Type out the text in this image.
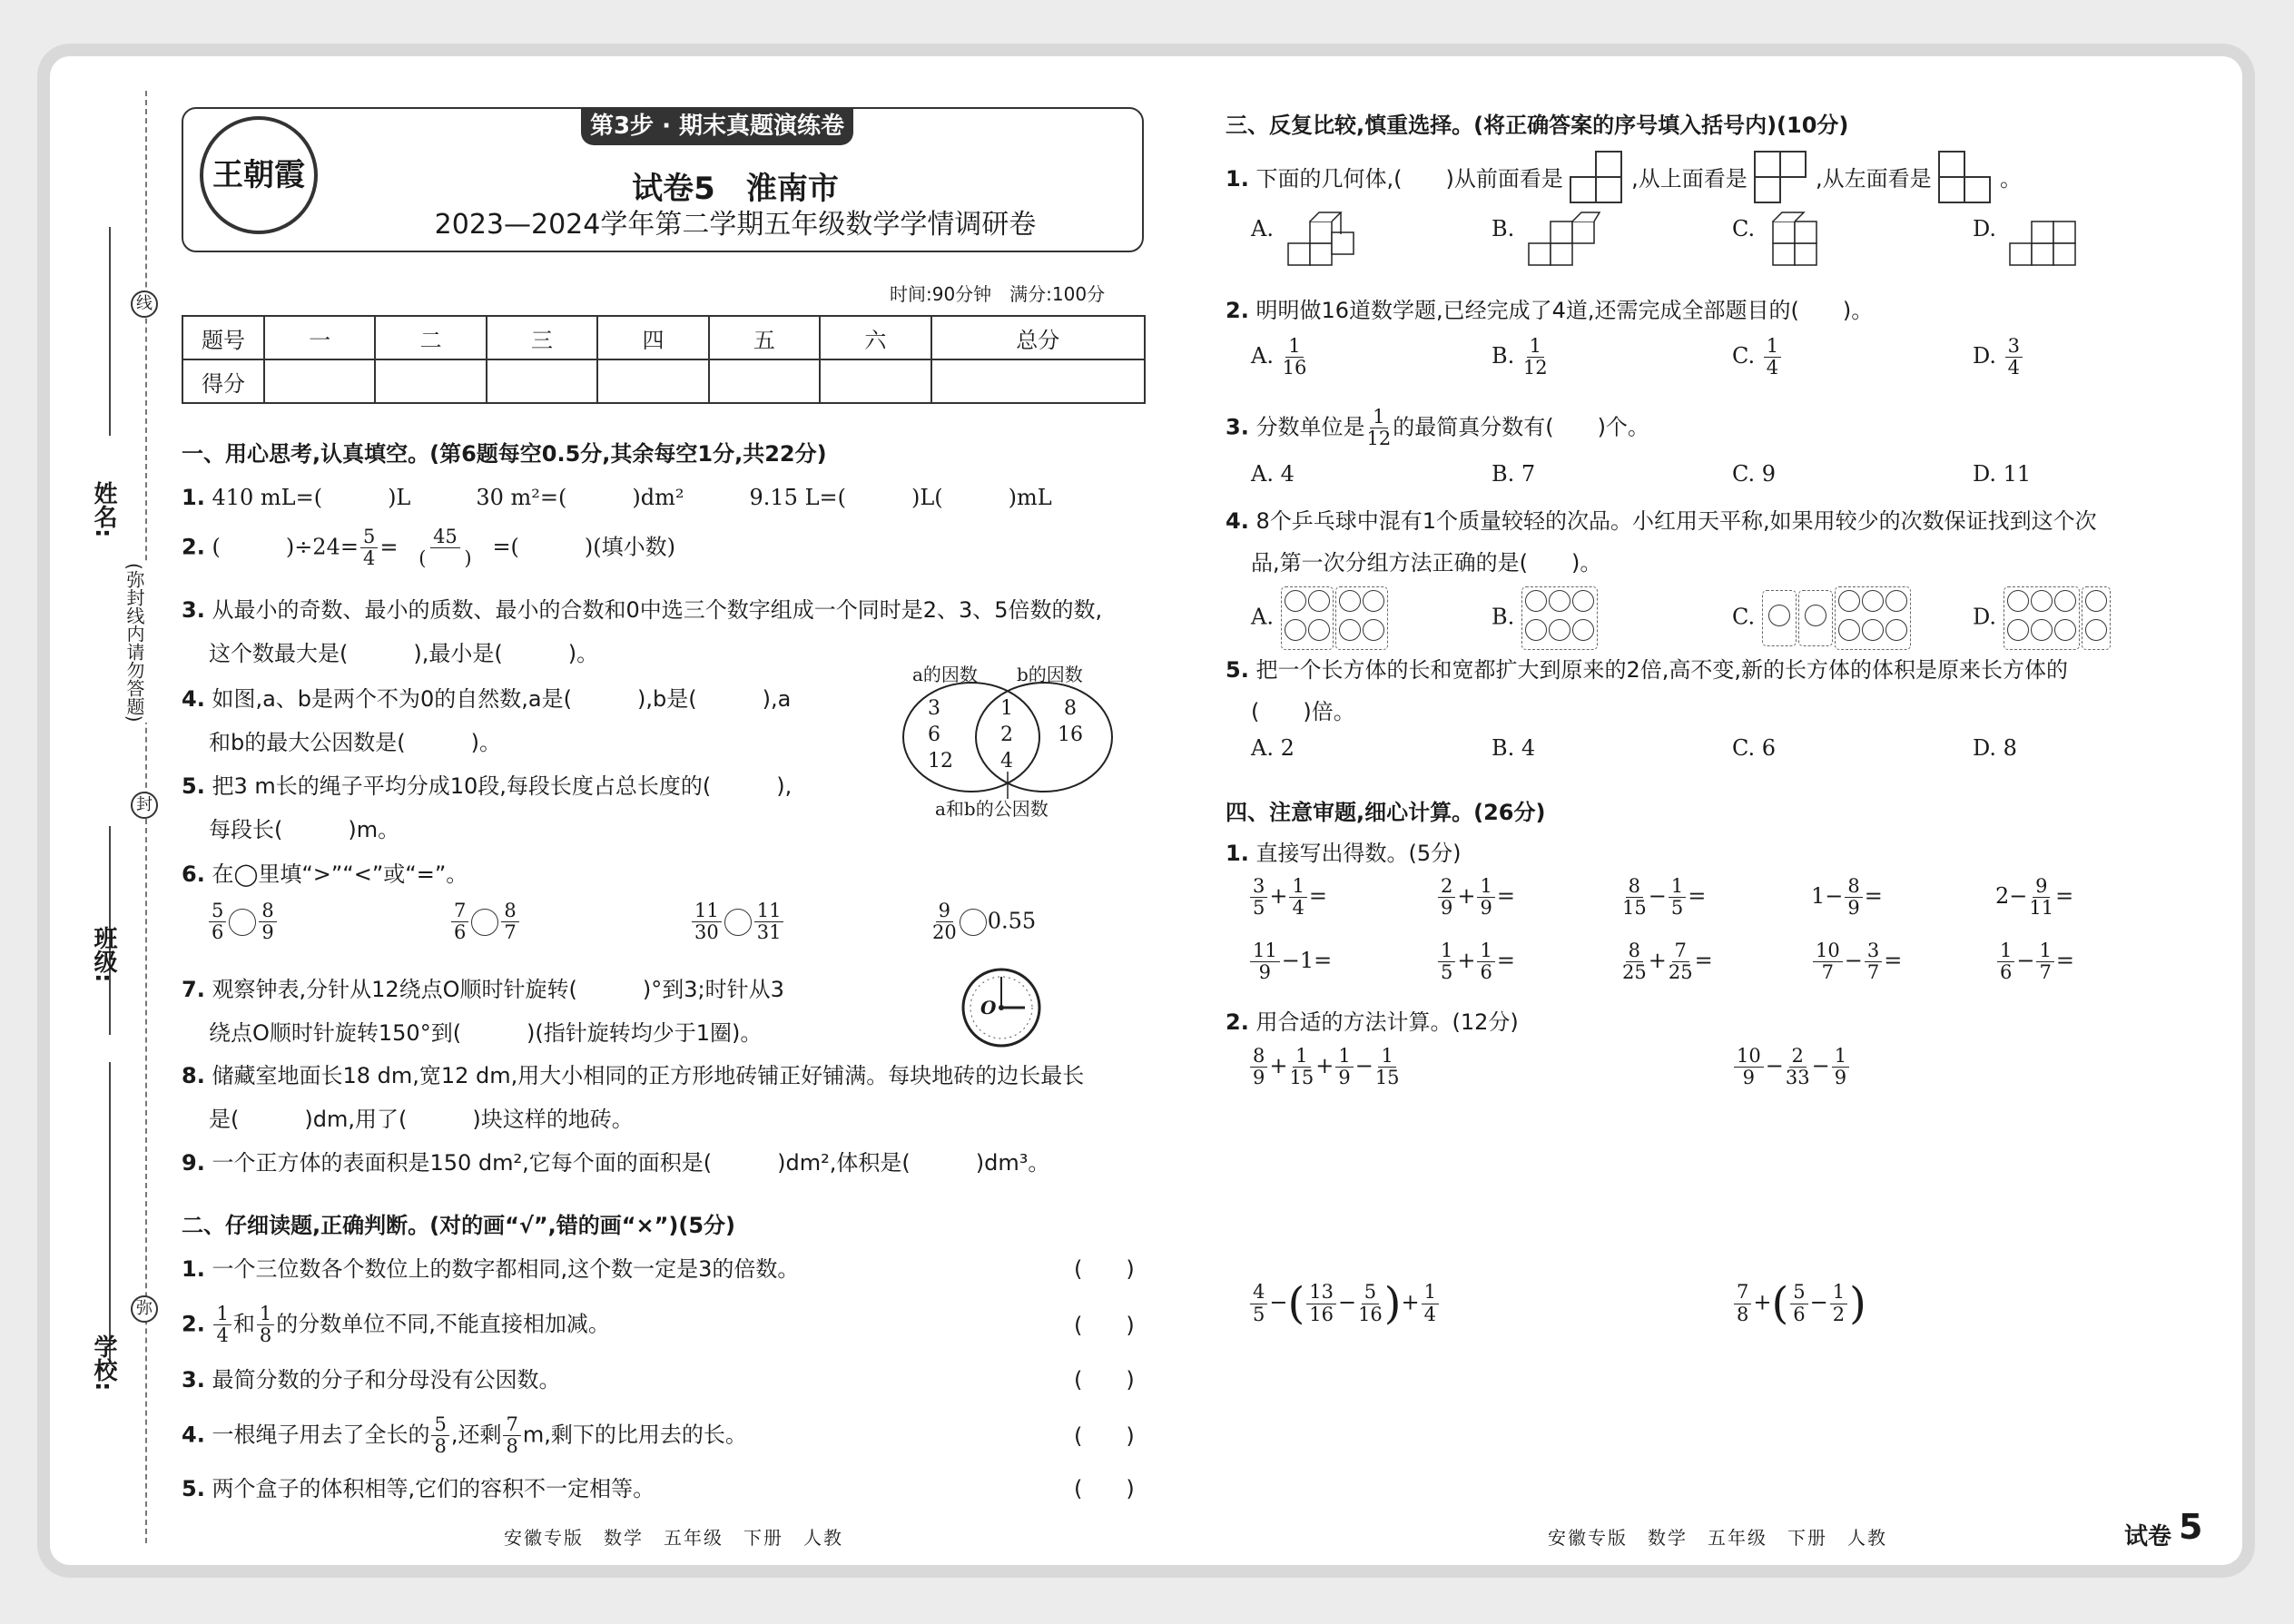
姓名:
班级:
学校:
线
封
弥
(弥封线内请勿答题)
第3步 · 期末真题演练卷
王朝霞	试卷5　淮南市
2023—2024学年第二学期五年级数学学情调研卷
时间:90分钟　满分:100分
题号	一	二	三	四	五	六	总分
得分							
一、用心思考,认真填空。(第6题每空0.5分,其余每空1分,共22分)
1. 410 mL=(　　　)L　　　30 m²=(　　　)dm²　　　9.15 L=(　　　)L(　　　)mL
2. (　　　)$\div 24= \frac{5}{4} = \frac{45}{( )}$ =(　　　)(填小数)
3. 从最小的奇数、最小的质数、最小的合数和0中选三个数字组成一个同时是2、3、5倍数的数,
这个数最大是(　　　),最小是(　　　)。
4. 如图,a、b是两个不为0的自然数,a是(　　　),b是(　　　),a
和b的最大公因数是(　　　)。
5. 把3 m长的绳子平均分成10段,每段长度占总长度的(　　　),
每段长(　　　)m。
a的因数 b的因数
a和b的公因数
3
6
12
1
2
4
8
16
6. 在◯里填“>”“<”或“=”。
$\frac{5}{6} \frac{8}{9}$	$\frac{7}{6} \frac{8}{7}$	$\frac{11}{30} \frac{11}{31}$	$\frac{9}{20} 0.55$
7. 观察钟表,分针从12绕点O顺时针旋转(　　　)°到3;时针从3
绕点O顺时针旋转150°到(　　　)(指针旋转均少于1圈)。
O
8. 储藏室地面长18 dm,宽12 dm,用大小相同的正方形地砖铺正好铺满。每块地砖的边长最长
是(　　　)dm,用了(　　　)块这样的地砖。
9. 一个正方体的表面积是150 dm²,它每个面的面积是(　　　)dm²,体积是(　　　)dm³。
二、仔细读题,正确判断。(对的画“√”,错的画“×”)(5分)
1. 一个三位数各个数位上的数字都相同,这个数一定是3的倍数。
2. $\frac{1}{4}$ 和 $\frac{1}{8}$ 的分数单位不同,不能直接相加减。
3. 最简分数的分子和分母没有公因数。
4. 一根绳子用去了全长的 $\frac{5}{8}$ ,还剩 $\frac{7}{8} m$,剩下的比用去的长。
5. 两个盒子的体积相等,它们的容积不一定相等。
(　　)
(　　)
(　　)
(　　)
(　　)
安徽专版　数学　五年级　下册　人教
三、反复比较,慎重选择。(将正确答案的序号填入括号内)(10分)
1. 下面的几何体,(　　)从前面看是	,从上面看是	,从左面看是	。
A.	B.	C.	D.
2. 明明做16道数学题,已经完成了4道,还需完成全部题目的(　　)。
A. $\frac{1}{16}$	B. $\frac{1}{12}$	C. $\frac{1}{4}$	D. $\frac{3}{4}$
3. 分数单位是 $\frac{1}{12}$ 的最简真分数有(　　)个。
A. 4	B. 7	C. 9	D. 11
4. 8个乒乓球中混有1个质量较轻的次品。小红用天平称,如果用较少的次数保证找到这个次
品,第一次分组方法正确的是(　　)。
A.	B.	C.	D.

5. 把一个长方体的长和宽都扩大到原来的2倍,高不变,新的长方体的体积是原来长方体的
(　　)倍。
A. 2	B. 4	C. 6	D. 8
四、注意审题,细心计算。(26分)
1. 直接写出得数。(5分)
$\frac{3}{5} + \frac{1}{4}$ =	$\frac{2}{9} + \frac{1}{9}$ =	$\frac{8}{15} - \frac{1}{5}$ =	$1- \frac{8}{9}$ =	$2- \frac{9}{11}$ =
$\frac{11}{9} -1=$	$\frac{1}{5} + \frac{1}{6}$ =	$\frac{8}{25} + \frac{7}{25}$ =	$\frac{10}{7} - \frac{3}{7}$ =	$\frac{1}{6} - \frac{1}{7}$ =
2. 用合适的方法计算。(12分)
$\frac{8}{9} + \frac{1}{15} + \frac{1}{9} - \frac{1}{15}$	$\frac{10}{9} - \frac{2}{33} - \frac{1}{9}$
$\frac{4}{5}$ −( $\frac{13}{16} - \frac{5}{16}$ )+ $\frac{1}{4}$	$\frac{7}{8}$ +( $\frac{5}{6} - \frac{1}{2}$ )
安徽专版　数学　五年级　下册　人教	试卷 5
